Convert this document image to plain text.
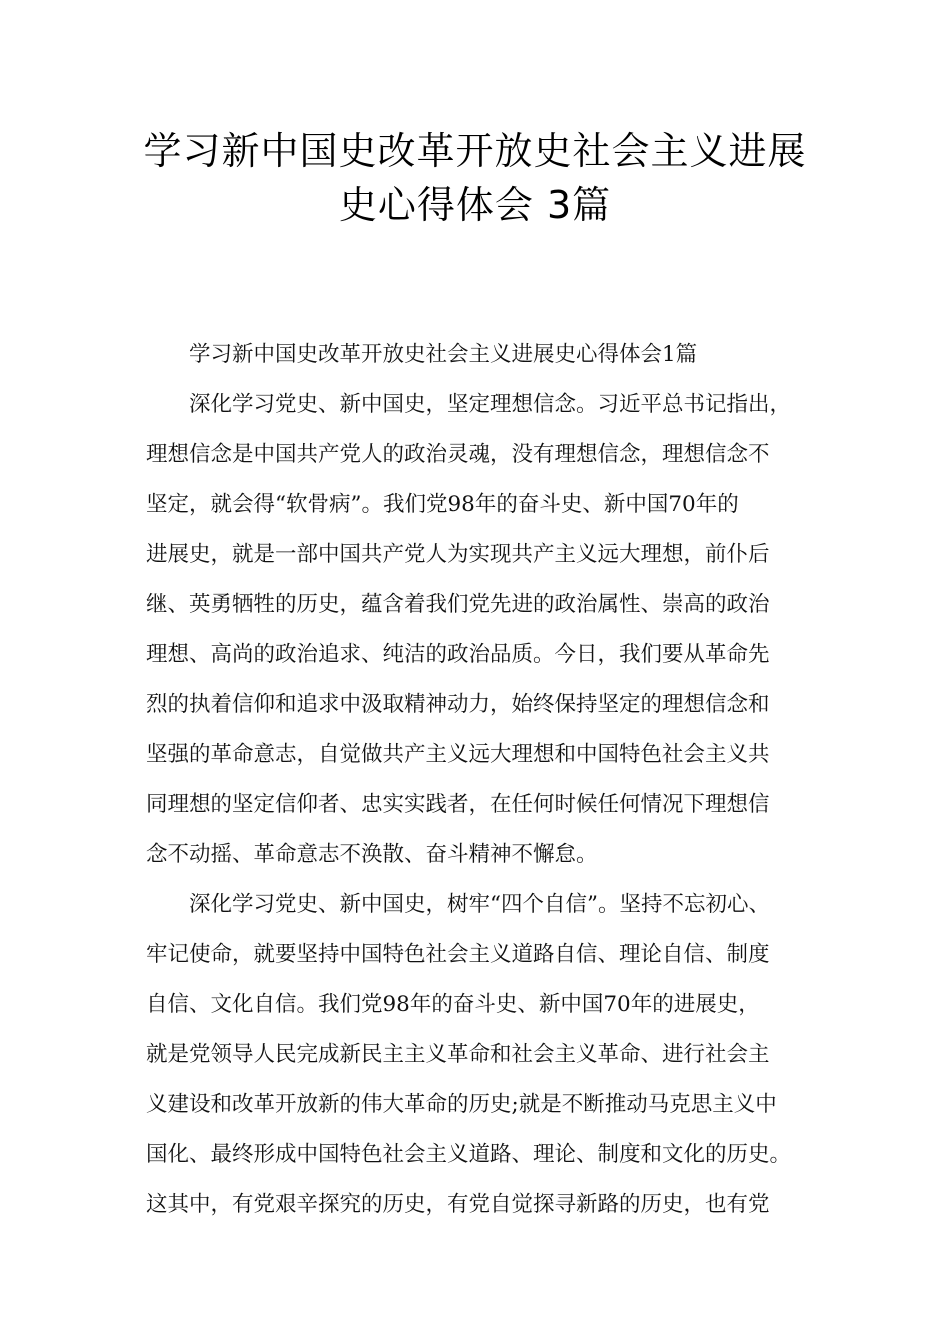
学习新中国史改革开放史社会主义进展
史心得体会 3篇
学习新中国史改革开放史社会主义进展史心得体会1篇
深化学习党史、新中国史，坚定理想信念。习近平总书记指出，
理想信念是中国共产党人的政治灵魂，没有理想信念，理想信念不
坚定，就会得“软骨病”。我们党98年的奋斗史、新中国70年的
进展史，就是一部中国共产党人为实现共产主义远大理想，前仆后
继、英勇牺牲的历史，蕴含着我们党先进的政治属性、崇高的政治
理想、高尚的政治追求、纯洁的政治品质。今日，我们要从革命先
烈的执着信仰和追求中汲取精神动力，始终保持坚定的理想信念和
坚强的革命意志，自觉做共产主义远大理想和中国特色社会主义共
同理想的坚定信仰者、忠实实践者，在任何时候任何情况下理想信
念不动摇、革命意志不涣散、奋斗精神不懈怠。
深化学习党史、新中国史，树牢“四个自信”。坚持不忘初心、
牢记使命，就要坚持中国特色社会主义道路自信、理论自信、制度
自信、文化自信。我们党98年的奋斗史、新中国70年的进展史，
就是党领导人民完成新民主主义革命和社会主义革命、进行社会主
义建设和改革开放新的伟大革命的历史;就是不断推动马克思主义中
国化、最终形成中国特色社会主义道路、理论、制度和文化的历史。
这其中，有党艰辛探究的历史，有党自觉探寻新路的历史，也有党
